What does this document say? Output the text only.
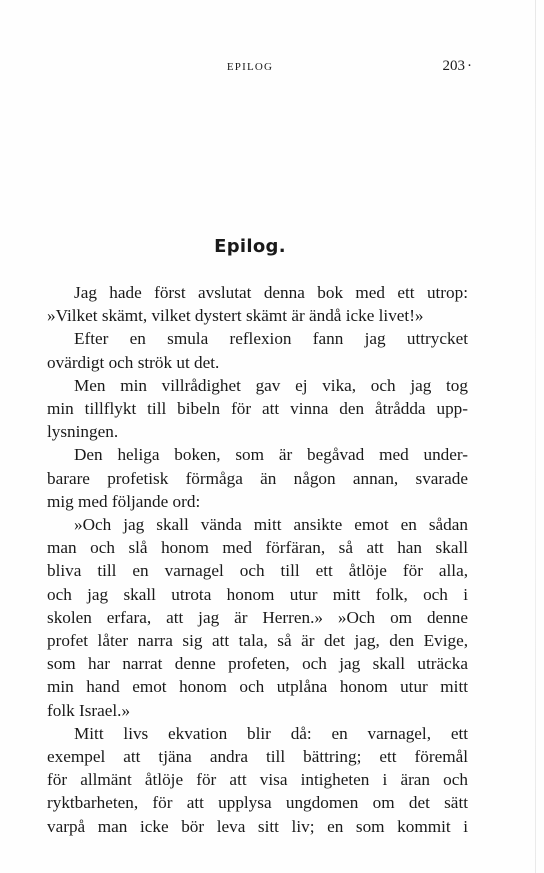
EPILOG	203 ·
Epilog.
Jag hade först avslutat denna bok med ett utrop:
»Vilket skämt, vilket dystert skämt är ändå icke livet!»
Efter en smula reflexion fann jag uttrycket
ovärdigt och strök ut det.
Men min villrådighet gav ej vika, och jag tog
min tillflykt till bibeln för att vinna den åtrådda upp-
lysningen.
Den heliga boken, som är begåvad med under-
barare profetisk förmåga än någon annan, svarade
mig med följande ord:
»Och jag skall vända mitt ansikte emot en sådan
man och slå honom med förfäran, så att han skall
bliva till en varnagel och till ett åtlöje för alla,
och jag skall utrota honom utur mitt folk, och i
skolen erfara, att jag är Herren.» »Och om denne
profet låter narra sig att tala, så är det jag, den Evige,
som har narrat denne profeten, och jag skall uträcka
min hand emot honom och utplåna honom utur mitt
folk Israel.»
Mitt livs ekvation blir då: en varnagel, ett
exempel att tjäna andra till bättring; ett föremål
för allmänt åtlöje för att visa intigheten i äran och
ryktbarheten, för att upplysa ungdomen om det sätt
varpå man icke bör leva sitt liv; en som kommit i
